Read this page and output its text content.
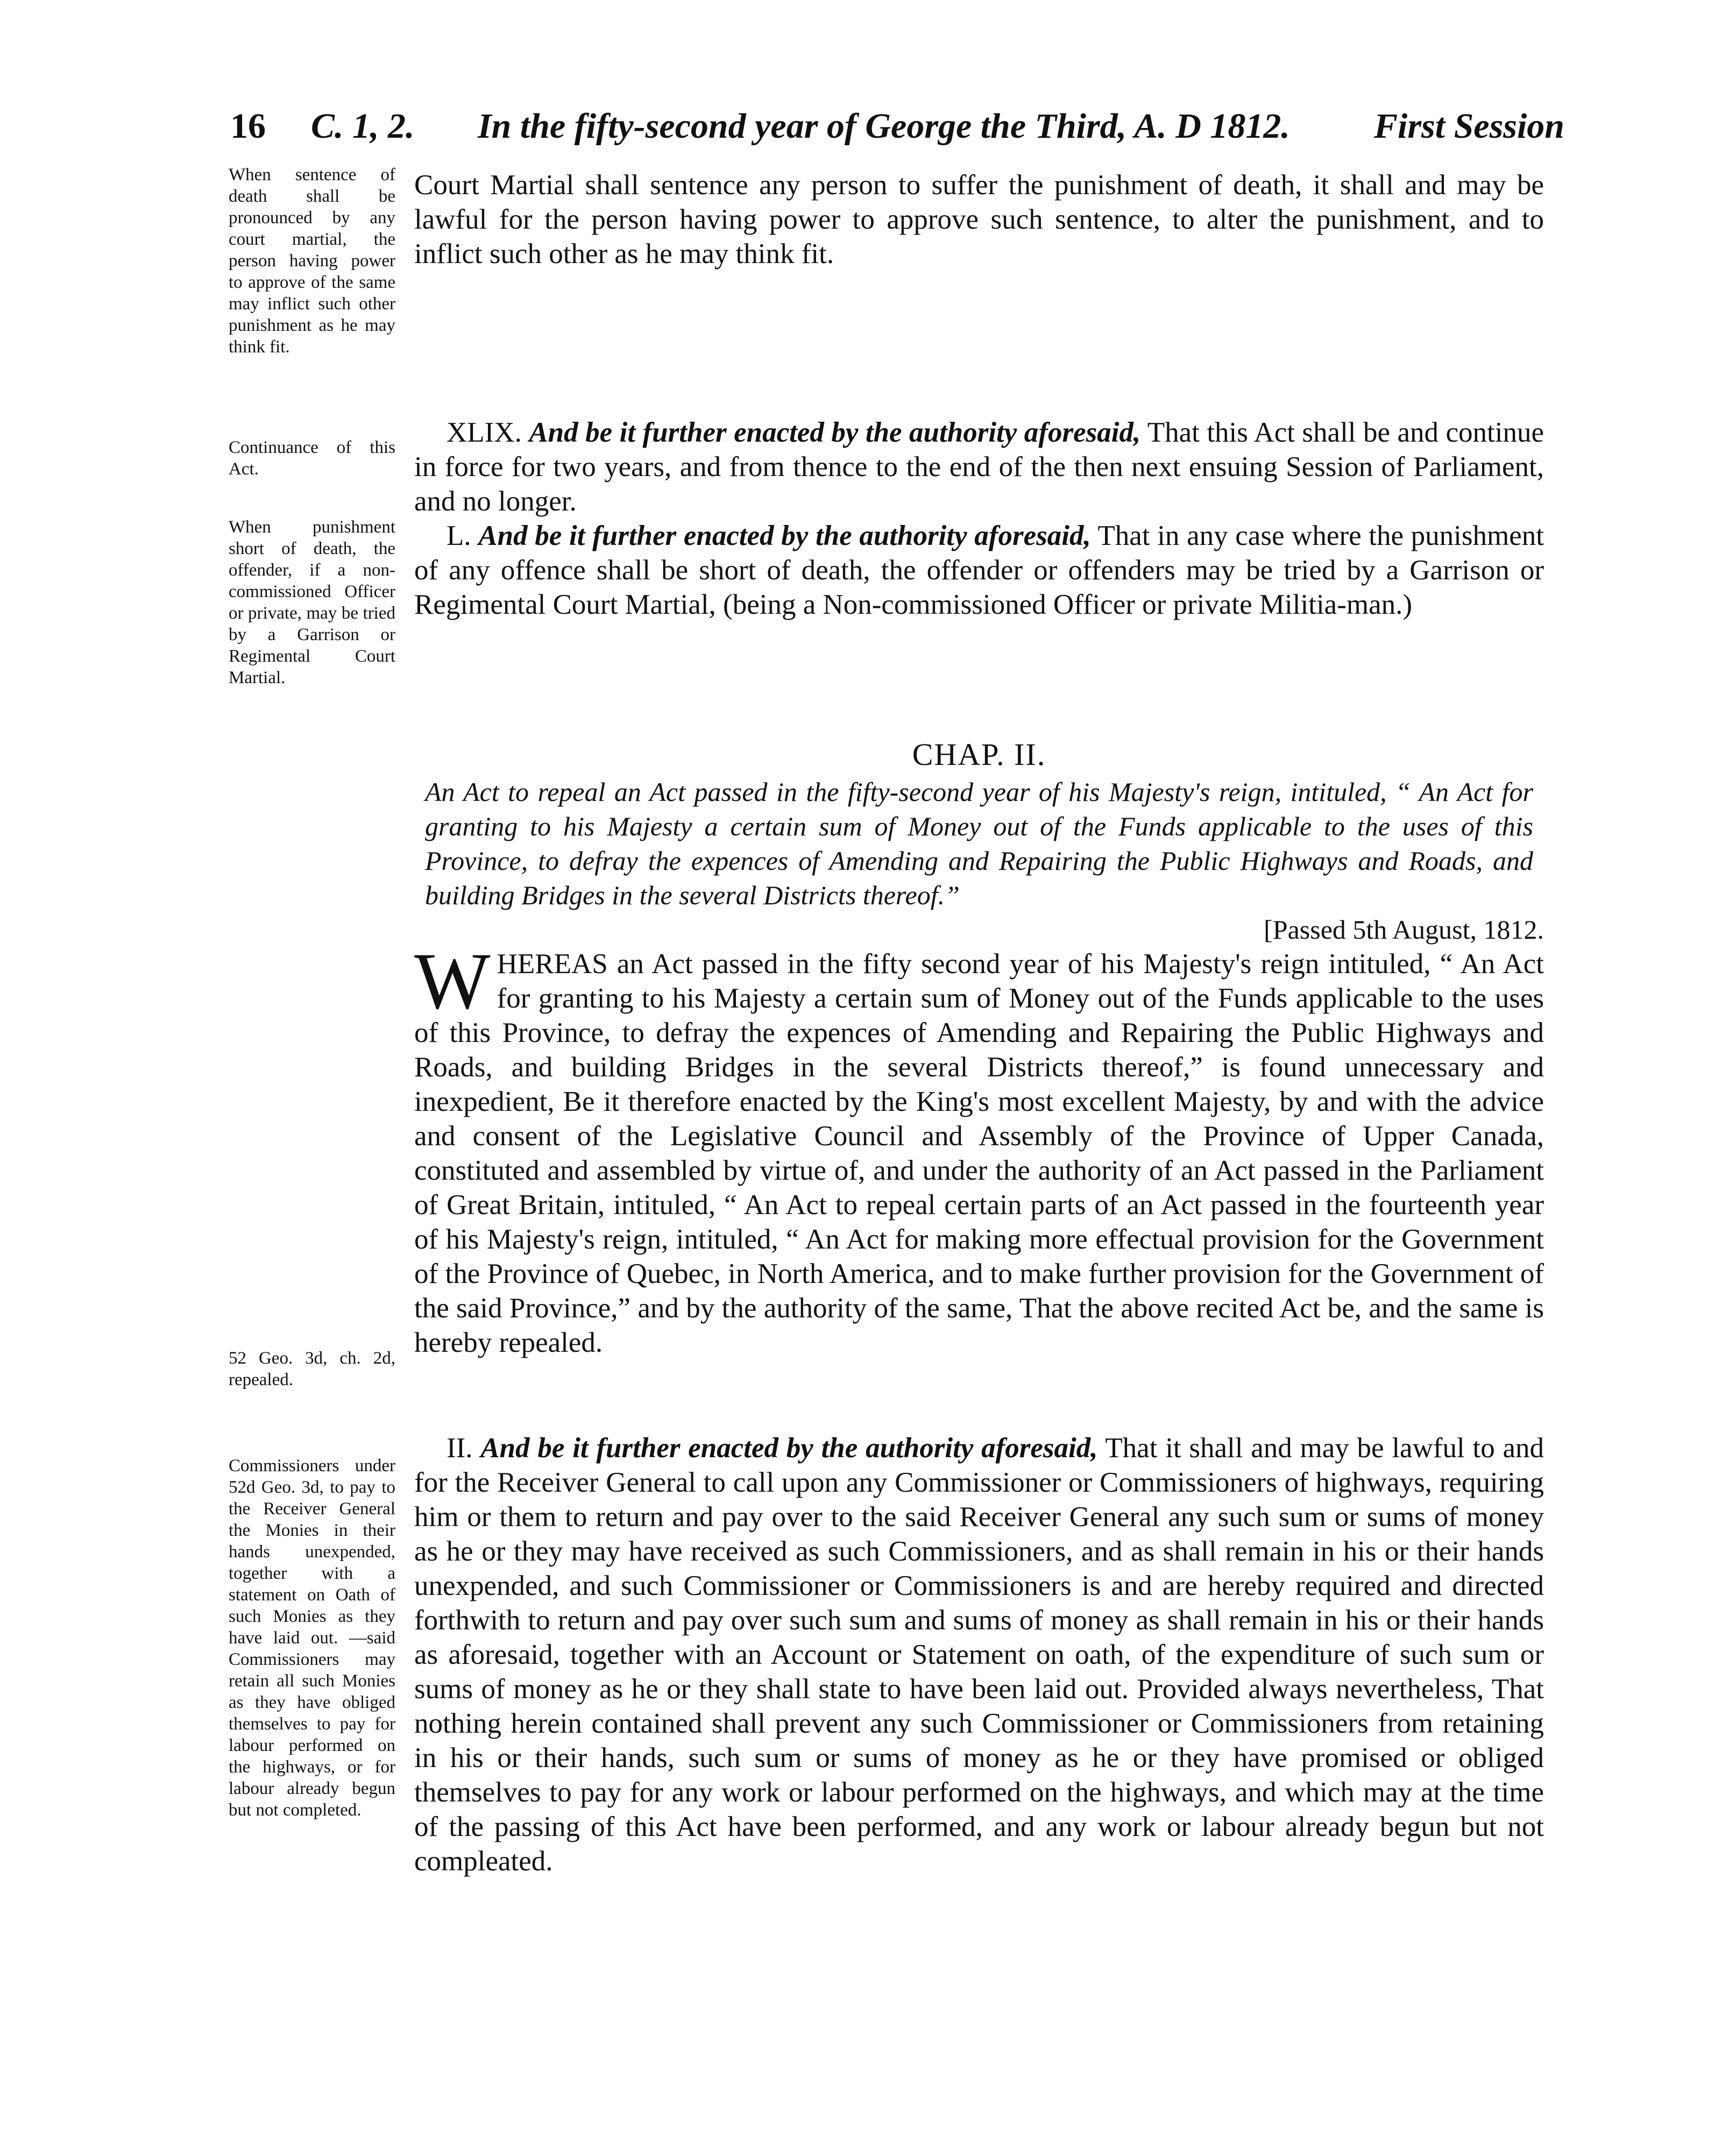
16 C. 1, 2. In the fifty-second year of George the Third, A. D 1812. First Session

When sentence of death shall be pronounced by any court martial, the person having power to approve of the same may inflict such other punishment as he may think fit.

Continuance of this Act.

When punishment short of death, the offender, if a non-commissioned Officer or private, may be tried by a Garrison or Regimental Court Martial.

52 Geo. 3d, ch. 2d, repealed.

Commissioners under 52d Geo. 3d, to pay to the Receiver General the Monies in their hands unexpended, together with a statement on Oath of such Monies as they have laid out. —said Commissioners may retain all such Monies as they have obliged themselves to pay for labour performed on the highways, or for labour already begun but not completed.

Court Martial shall sentence any person to suffer the punishment of death, it shall and may be lawful for the person having power to approve such sentence, to alter the punishment, and to inflict such other as he may think fit.

XLIX. And be it further enacted by the authority aforesaid, That this Act shall be and continue in force for two years, and from thence to the end of the then next ensuing Session of Parliament, and no longer.

L. And be it further enacted by the authority aforesaid, That in any case where the punishment of any offence shall be short of death, the offender or offenders may be tried by a Garrison or Regimental Court Martial, (being a Non-commissioned Officer or private Militia-man.)

CHAP. II.

An Act to repeal an Act passed in the fifty-second year of his Majesty's reign, intituled, “ An Act for granting to his Majesty a certain sum of Money out of the Funds applicable to the uses of this Province, to defray the expences of Amending and Repairing the Public Highways and Roads, and building Bridges in the several Districts thereof.”

[Passed 5th August, 1812.

WHEREAS an Act passed in the fifty second year of his Majesty's reign intituled, “ An Act for granting to his Majesty a certain sum of Money out of the Funds applicable to the uses of this Province, to defray the expences of Amending and Repairing the Public Highways and Roads, and building Bridges in the several Districts thereof,” is found unnecessary and inexpedient, Be it therefore enacted by the King's most excellent Majesty, by and with the advice and consent of the Legislative Council and Assembly of the Province of Upper Canada, constituted and assembled by virtue of, and under the authority of an Act passed in the Parliament of Great Britain, intituled, “ An Act to repeal certain parts of an Act passed in the fourteenth year of his Majesty's reign, intituled, “ An Act for making more effectual provision for the Government of the Province of Quebec, in North America, and to make further provision for the Government of the said Province,” and by the authority of the same, That the above recited Act be, and the same is hereby repealed.

II. And be it further enacted by the authority aforesaid, That it shall and may be lawful to and for the Receiver General to call upon any Commissioner or Commissioners of highways, requiring him or them to return and pay over to the said Receiver General any such sum or sums of money as he or they may have received as such Commissioners, and as shall remain in his or their hands unexpended, and such Commissioner or Commissioners is and are hereby required and directed forthwith to return and pay over such sum and sums of money as shall remain in his or their hands as aforesaid, together with an Account or Statement on oath, of the expenditure of such sum or sums of money as he or they shall state to have been laid out. Provided always nevertheless, That nothing herein contained shall prevent any such Commissioner or Commissioners from retaining in his or their hands, such sum or sums of money as he or they have promised or obliged themselves to pay for any work or labour performed on the highways, and which may at the time of the passing of this Act have been performed, and any work or labour already begun but not compleated.
